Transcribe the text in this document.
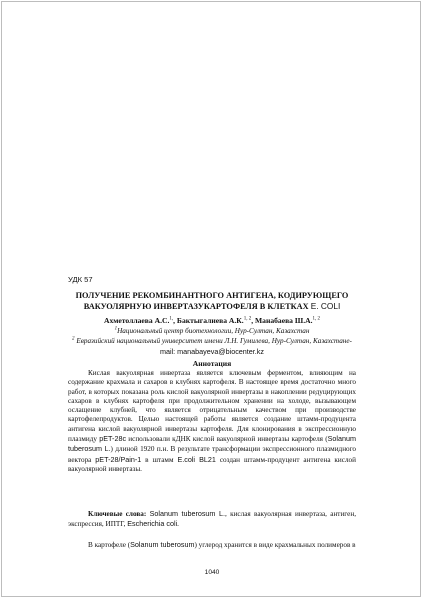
УДК 57
ПОЛУЧЕНИЕ РЕКОМБИНАНТНОГО АНТИГЕНА, КОДИРУЮЩЕГО
ВАКУОЛЯРНУЮ ИНВЕРТАЗУКАРТОФЕЛЯ В КЛЕТКАХ E. COLI
Ахметоллаева А.С.$^{1,}$, Бактыгалиева А.К.$^{1, 2}$, Манабаева Ш.А.$^{1, 2}$
$^1$Национальный центр биотехнологии, Нур-Султан, Казахстан
$^2$ Евразийский национальный университет имени Л.Н. Гумилева, Нур-Султан, Казахстанe-
mail: manabayeva@biocenter.kz
Аннотация
Кислая вакуолярная инвертаза является ключевым ферментом, влияющим на содержание крахмала и сахаров в клубнях картофеля. В настоящее время достаточно много работ, в которых показана роль кислой вакуолярной инвертазы в накоплении редуцирующих сахаров в клубнях картофеля при продолжительном хранении на холоде, вызывающем ослащение клубней, что является отрицательным качеством при производстве картофелепродуктов. Целью настоящей работы является создание штамм-продуцента антигена кислой вакуолярной инвертазы картофеля. Для клонирования в экспрессионную плазмиду pET-28c использовали кДНК кислой вакуолярной инвертазы картофеля (Solanum tuberosum L.) длиной 1920 п.н. В результате трансформации экспрессионного плазмидного вектора pET-28/Pain-1 в штамм E.coli BL21 создан штамм-продуцент антигена кислой вакуолярной инвертазы.
Ключевые слова: Solanum tuberosum L., кислая вакуолярная инвертаза, антиген, экспрессия, ИПТГ, Escherichia coli.
В картофеле (Solanum tuberosum) углерод хранится в виде крахмальных полимеров в
1040
